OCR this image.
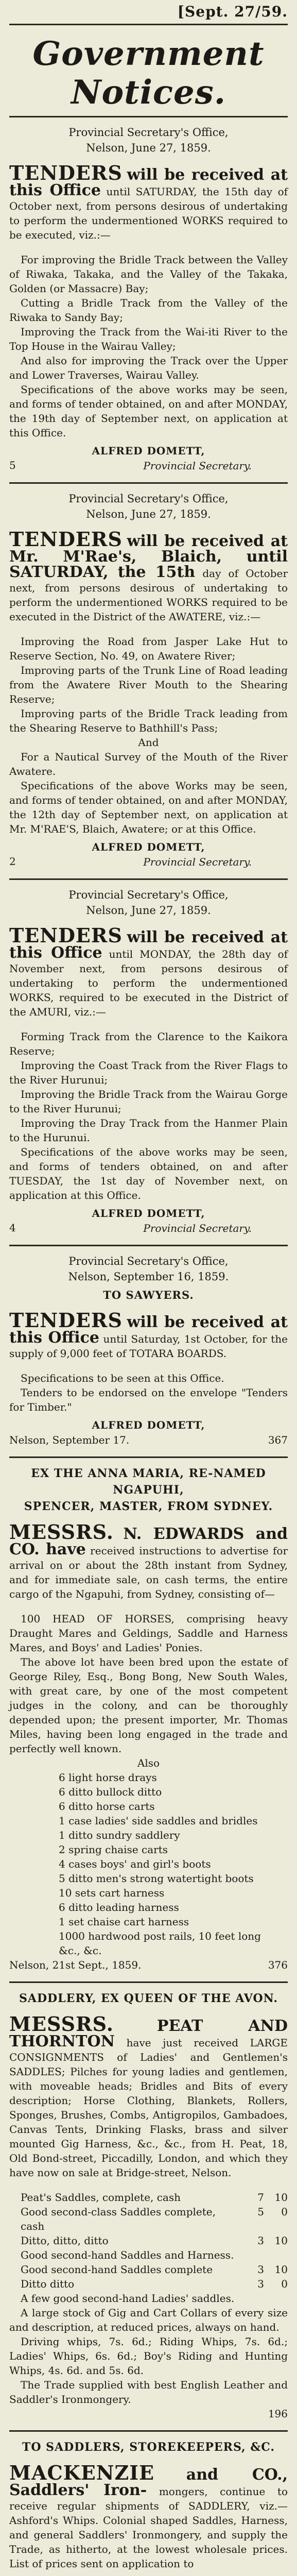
[Sept. 27/59.
Government Notices.
Provincial Secretary's Office,
Nelson, June 27, 1859.

TENDERS will be received at this Office until SATURDAY, the 15th day of October next, from persons desirous of undertaking to perform the undermentioned WORKS required to be executed, viz.:—

For improving the Bridle Track between the Valley of Riwaka, Takaka, and the Valley of the Takaka, Golden (or Massacre) Bay;

Cutting a Bridle Track from the Valley of the Riwaka to Sandy Bay;

Improving the Track from the Wai-iti River to the Top House in the Wairau Valley;

And also for improving the Track over the Upper and Lower Traverses, Wairau Valley.

Specifications of the above works may be seen, and forms of tender obtained, on and after MONDAY, the 19th day of September next, on application at this Office.

ALFRED DOMETT,
5	Provincial Secretary.
Provincial Secretary's Office,
Nelson, June 27, 1859.

TENDERS will be received at Mr. M'Rae's, Blaich, until SATURDAY, the 15th day of October next, from persons desirous of undertaking to perform the undermentioned WORKS required to be executed in the District of the AWATERE, viz.:—

Improving the Road from Jasper Lake Hut to Reserve Section, No. 49, on Awatere River;

Improving parts of the Trunk Line of Road leading from the Awatere River Mouth to the Shearing Reserve;

Improving parts of the Bridle Track leading from the Shearing Reserve to Bathhill's Pass;

And

For a Nautical Survey of the Mouth of the River Awatere.

Specifications of the above Works may be seen, and forms of tender obtained, on and after MONDAY, the 12th day of September next, on application at Mr. M'RAE'S, Blaich, Awatere; or at this Office.

ALFRED DOMETT,
2	Provincial Secretary.
Provincial Secretary's Office,
Nelson, June 27, 1859.

TENDERS will be received at this Office until MONDAY, the 28th day of November next, from persons desirous of undertaking to perform the undermentioned WORKS, required to be executed in the District of the AMURI, viz.:—

Forming Track from the Clarence to the Kaikora Reserve;

Improving the Coast Track from the River Flags to the River Hurunui;

Improving the Bridle Track from the Wairau Gorge to the River Hurunui;

Improving the Dray Track from the Hanmer Plain to the Hurunui.

Specifications of the above works may be seen, and forms of tenders obtained, on and after TUESDAY, the 1st day of November next, on application at this Office.

ALFRED DOMETT,
4	Provincial Secretary.
Provincial Secretary's Office,
Nelson, September 16, 1859.
TO SAWYERS.

TENDERS will be received at this Office until Saturday, 1st October, for the supply of 9,000 feet of TOTARA BOARDS.

Specifications to be seen at this Office.

Tenders to be endorsed on the envelope "Tenders for Timber."

ALFRED DOMETT,
Nelson, September 17.	367
EX THE ANNA MARIA, RE-NAMED NGAPUHI,
SPENCER, MASTER, FROM SYDNEY.

MESSRS. N. EDWARDS and CO. have received instructions to advertise for arrival on or about the 28th instant from Sydney, and for immediate sale, on cash terms, the entire cargo of the Ngapuhi, from Sydney, consisting of—

100 HEAD OF HORSES, comprising heavy Draught Mares and Geldings, Saddle and Harness Mares, and Boys' and Ladies' Ponies.

The above lot have been bred upon the estate of George Riley, Esq., Bong Bong, New South Wales, with great care, by one of the most competent judges in the colony, and can be thoroughly depended upon; the present importer, Mr. Thomas Miles, having been long engaged in the trade and perfectly well known.

Also
6 light horse drays
6 ditto bullock ditto
6 ditto horse carts
1 case ladies' side saddles and bridles
1 ditto sundry saddlery
2 spring chaise carts
4 cases boys' and girl's boots
5 ditto men's strong watertight boots
10 sets cart harness
6 ditto leading harness
1 set chaise cart harness
1000 hardwood post rails, 10 feet long
&c., &c.
Nelson, 21st Sept., 1859.	376
SADDLERY, EX QUEEN OF THE AVON.

MESSRS.	PEAT AND THORNTON have just received LARGE CONSIGNMENTS of Ladies' and Gentlemen's SADDLES; Pilches for young ladies and gentlemen, with moveable heads; Bridles and Bits of every description; Horse Clothing, Blankets, Rollers, Sponges, Brushes, Combs, Antigropilos, Gambadoes, Canvas Tents, Drinking Flasks, brass and silver mounted Gig Harness, &c., &c., from H. Peat, 18, Old Bond-street, Piccadilly, London, and which they have now on sale at Bridge-street, Nelson.

Peat's Saddles, complete, cash	7	10
Good second-class Saddles complete, cash
5	0
Ditto, ditto, ditto	3	10
Good second-hand Saddles and Harness.
Good second-hand Saddles complete	3	10
Ditto ditto	3	0

A few good second-hand Ladies' saddles.

A large stock of Gig and Cart Collars of every size and description, at reduced prices, always on hand.

Driving whips, 7s. 6d.; Riding Whips, 7s. 6d.; Ladies' Whips, 6s. 6d.; Boy's Riding and Hunting Whips, 4s. 6d. and 5s. 6d.

The Trade supplied with best English Leather and Saddler's Ironmongery.

196
TO SADDLERS, STOREKEEPERS, &C.

MACKENZIE and CO., Saddlers' Iron- mongers, continue to receive regular shipments of SADDLERY, viz.—Ashford's Whips. Colonial shaped Saddles, Harness, and general Saddlers' Ironmongery, and supply the Trade, as hitherto, at the lowest wholesale prices. List of prices sent on application to
